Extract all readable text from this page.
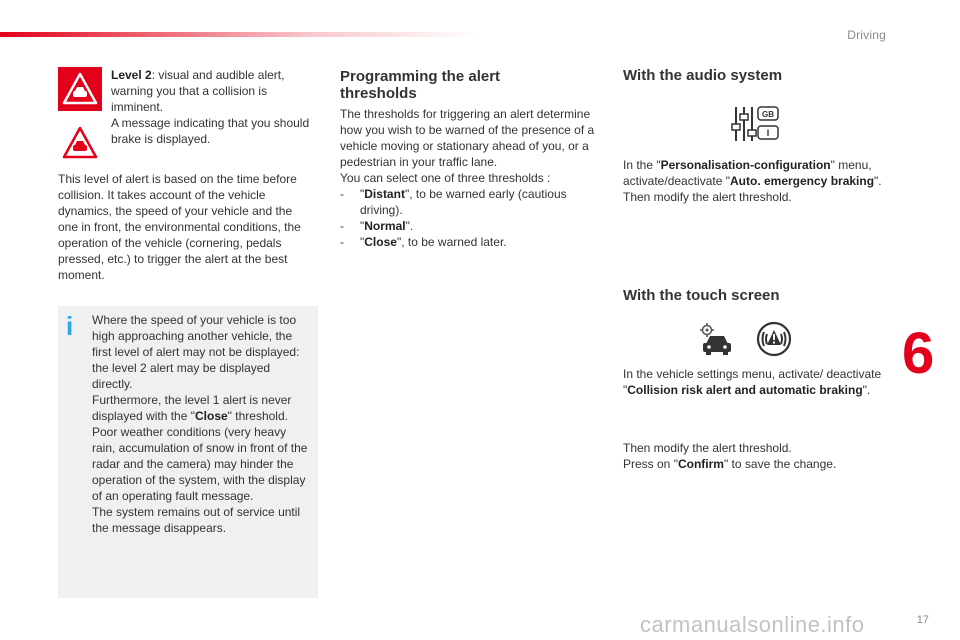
Driving
6
17
carmanualsonline.info
Level 2: visual and audible alert, warning you that a collision is imminent.
A message indicating that you should brake is displayed.
This level of alert is based on the time before collision. It takes account of the vehicle dynamics, the speed of your vehicle and the one in front, the environmental conditions, the operation of the vehicle (cornering, pedals pressed, etc.) to trigger the alert at the best moment.
i Where the speed of your vehicle is too high approaching another vehicle, the first level of alert may not be displayed: the level 2 alert may be displayed directly.
Furthermore, the level 1 alert is never displayed with the "Close" threshold.
Poor weather conditions (very heavy rain, accumulation of snow in front of the radar and the camera) may hinder the operation of the system, with the display of an operating fault message.
The system remains out of service until the message disappears.
Programming the alert thresholds
The thresholds for triggering an alert determine how you wish to be warned of the presence of a vehicle moving or stationary ahead of you, or a pedestrian in your traffic lane.
You can select one of three thresholds :
-	"Distant", to be warned early (cautious driving).
-	"Normal".
-	"Close", to be warned later.
With the audio system
GB
I
In the "Personalisation-configuration" menu, activate/deactivate "Auto. emergency braking".
Then modify the alert threshold.
With the touch screen
In the vehicle settings menu, activate/ deactivate "Collision risk alert and automatic braking".
Then modify the alert threshold.
Press on "Confirm" to save the change.
